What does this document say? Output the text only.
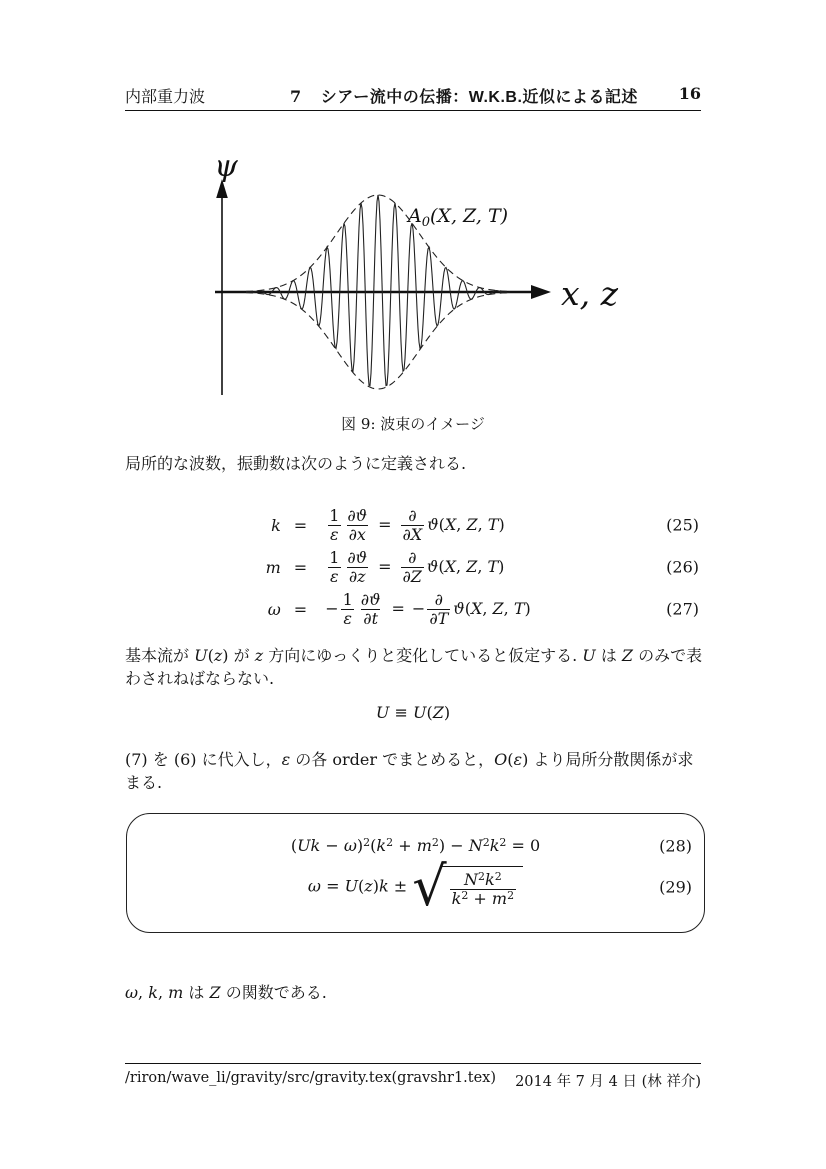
内部重力波	7 シアー流中の伝播：W.K.B.近似による記述	16
ψ
x, z
$A_0(X$, Z, T)
図 9: 波束のイメージ
局所的な波数，振動数は次のように定義される.
$k = \frac{1}{\varepsilon} \frac{\partial ϑ}{\partial x} = \frac{\partial}{\partial X} ϑ(X$, Z, T)	(25)
$m = \frac{1}{\varepsilon} \frac{\partial ϑ}{\partial z} = \frac{\partial}{\partial Z} ϑ(X$, Z, T)	(26)
ω = − $\frac{1}{\varepsilon} \frac{\partial ϑ}{\partial t}$ = − $\frac{\partial}{\partial T} ϑ(X$, Z, T)	(27)
基本流が U(z) が z 方向にゆっくりと変化していると仮定する. U は Z のみで表
わされねばならない.
U ≡ U(Z)
(7) を (6) に代入し，ε の各 order でまとめると，O(ε) より局所分散関係が求まる.
$(Uk - \omega)^2(k^2 + m^2) - N^2k^2 = 0$	(28)
ω = U(z)k ± √ $\frac{N^2k^2}{k^2 + m^2}$	(29)
ω, k, m は Z の関数である.
/riron/wave_li/gravity/src/gravity.tex(gravshr1.tex) 2014 年 7 月 4 日 (林 祥介)
